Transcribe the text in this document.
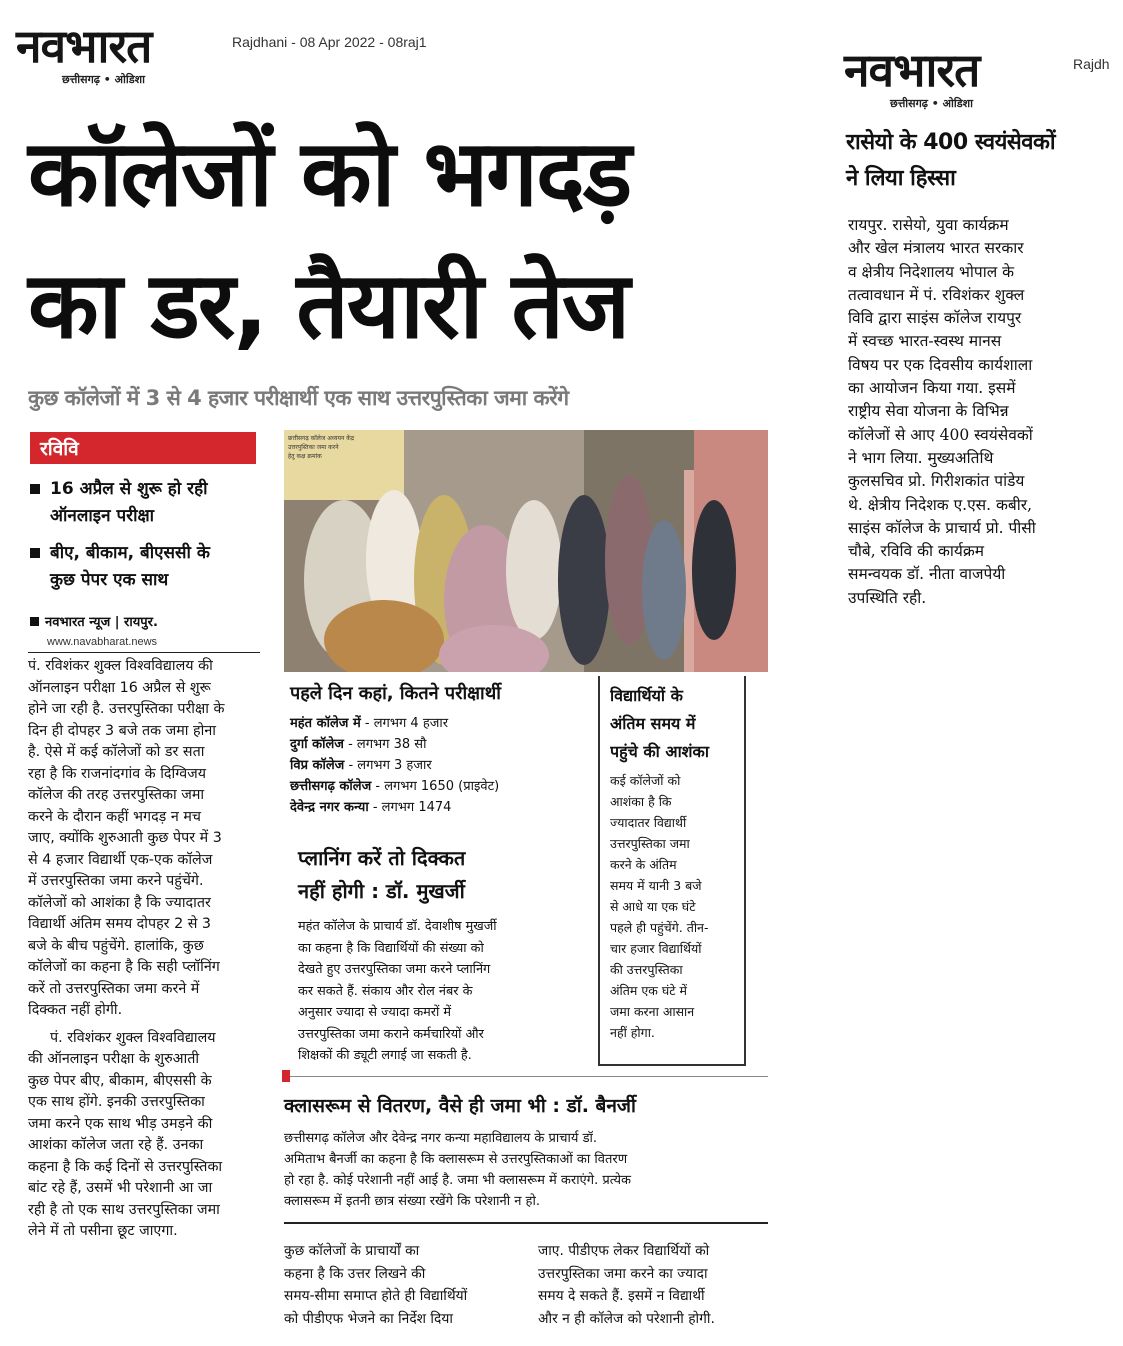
नवभारत
छत्तीसगढ़ • ओडिशा
Rajdhani - 08 Apr 2022 - 08raj1
नवभारत
छत्तीसगढ़ • ओडिशा
Rajdh
कॉलेजों को भगदड़
का डर, तैयारी तेज
कुछ कॉलेजों में 3 से 4 हजार परीक्षार्थी एक साथ उत्तरपुस्तिका जमा करेंगे
रविवि
16 अप्रैल से शुरू हो रही
ऑनलाइन परीक्षा
बीए, बीकाम, बीएससी के
कुछ पेपर एक साथ
नवभारत न्यूज | रायपुर.
www.navabharat.news
पं. रविशंकर शुक्ल विश्वविद्यालय की
ऑनलाइन परीक्षा 16 अप्रैल से शुरू
होने जा रही है. उत्तरपुस्तिका परीक्षा के
दिन ही दोपहर 3 बजे तक जमा होना
है. ऐसे में कई कॉलेजों को डर सता
रहा है कि राजनांदगांव के दिग्विजय
कॉलेज की तरह उत्तरपुस्तिका जमा
करने के दौरान कहीं भगदड़ न मच
जाए, क्योंकि शुरुआती कुछ पेपर में 3
से 4 हजार विद्यार्थी एक-एक कॉलेज
में उत्तरपुस्तिका जमा करने पहुंचेंगे.
कॉलेजों को आशंका है कि ज्यादातर
विद्यार्थी अंतिम समय दोपहर 2 से 3
बजे के बीच पहुंचेंगे. हालांकि, कुछ
कॉलेजों का कहना है कि सही प्लॉनिंग
करें तो उत्तरपुस्तिका जमा करने में
दिक्कत नहीं होगी.
पं. रविशंकर शुक्ल विश्वविद्यालय
की ऑनलाइन परीक्षा के शुरुआती
कुछ पेपर बीए, बीकाम, बीएससी के
एक साथ होंगे. इनकी उत्तरपुस्तिका
जमा करने एक साथ भीड़ उमड़ने की
आशंका कॉलेज जता रहे हैं. उनका
कहना है कि कई दिनों से उत्तरपुस्तिका
बांट रहे हैं, उसमें भी परेशानी आ जा
रही है तो एक साथ उत्तरपुस्तिका जमा
लेने में तो पसीना छूट जाएगा.
छत्तीसगढ़ कॉलेज अध्ययन केंद्र
उत्तरपुस्तिका जमा करने
हेतु कक्ष क्रमांक
पहले दिन कहां, कितने परीक्षार्थी
महंत कॉलेज में - लगभग 4 हजार
दुर्गा कॉलेज - लगभग 38 सौ
विप्र कॉलेज - लगभग 3 हजार
छत्तीसगढ़ कॉलेज - लगभग 1650 (प्राइवेट)
देवेन्द्र नगर कन्या - लगभग 1474
प्लानिंग करें तो दिक्कत
नहीं होगी : डॉ. मुखर्जी
महंत कॉलेज के प्राचार्य डॉ. देवाशीष मुखर्जी
का कहना है कि विद्यार्थियों की संख्या को
देखते हुए उत्तरपुस्तिका जमा करने प्लानिंग
कर सकते हैं. संकाय और रोल नंबर के
अनुसार ज्यादा से ज्यादा कमरों में
उत्तरपुस्तिका जमा कराने कर्मचारियों और
शिक्षकों की ड्यूटी लगाई जा सकती है.
विद्यार्थियों के
अंतिम समय में
पहुंचे की आशंका
कई कॉलेजों को
आशंका है कि
ज्यादातर विद्यार्थी
उत्तरपुस्तिका जमा
करने के अंतिम
समय में यानी 3 बजे
से आधे या एक घंटे
पहले ही पहुंचेंगे. तीन-
चार हजार विद्यार्थियों
की उत्तरपुस्तिका
अंतिम एक घंटे में
जमा करना आसान
नहीं होगा.
क्लासरूम से वितरण, वैसे ही जमा भी : डॉ. बैनर्जी
छत्तीसगढ़ कॉलेज और देवेन्द्र नगर कन्या महाविद्यालय के प्राचार्य डॉ.
अमिताभ बैनर्जी का कहना है कि क्लासरूम से उत्तरपुस्तिकाओं का वितरण
हो रहा है. कोई परेशानी नहीं आई है. जमा भी क्लासरूम में कराएंगे. प्रत्येक
क्लासरूम में इतनी छात्र संख्या रखेंगे कि परेशानी न हो.
कुछ कॉलेजों के प्राचार्यों का
कहना है कि उत्तर लिखने की
समय-सीमा समाप्त होते ही विद्यार्थियों
को पीडीएफ भेजने का निर्देश दिया
जाए. पीडीएफ लेकर विद्यार्थियों को
उत्तरपुस्तिका जमा करने का ज्यादा
समय दे सकते हैं. इसमें न विद्यार्थी
और न ही कॉलेज को परेशानी होगी.
रासेयो के 400 स्वयंसेवकों
ने लिया हिस्सा
रायपुर. रासेयो, युवा कार्यक्रम
और खेल मंत्रालय भारत सरकार
व क्षेत्रीय निदेशालय भोपाल के
तत्वावधान में पं. रविशंकर शुक्ल
विवि द्वारा साइंस कॉलेज रायपुर
में स्वच्छ भारत-स्वस्थ मानस
विषय पर एक दिवसीय कार्यशाला
का आयोजन किया गया. इसमें
राष्ट्रीय सेवा योजना के विभिन्न
कॉलेजों से आए 400 स्वयंसेवकों
ने भाग लिया. मुख्यअतिथि
कुलसचिव प्रो. गिरीशकांत पांडेय
थे. क्षेत्रीय निदेशक ए.एस. कबीर,
साइंस कॉलेज के प्राचार्य प्रो. पीसी
चौबे, रविवि की कार्यक्रम
समन्वयक डॉ. नीता वाजपेयी
उपस्थिति रही.
